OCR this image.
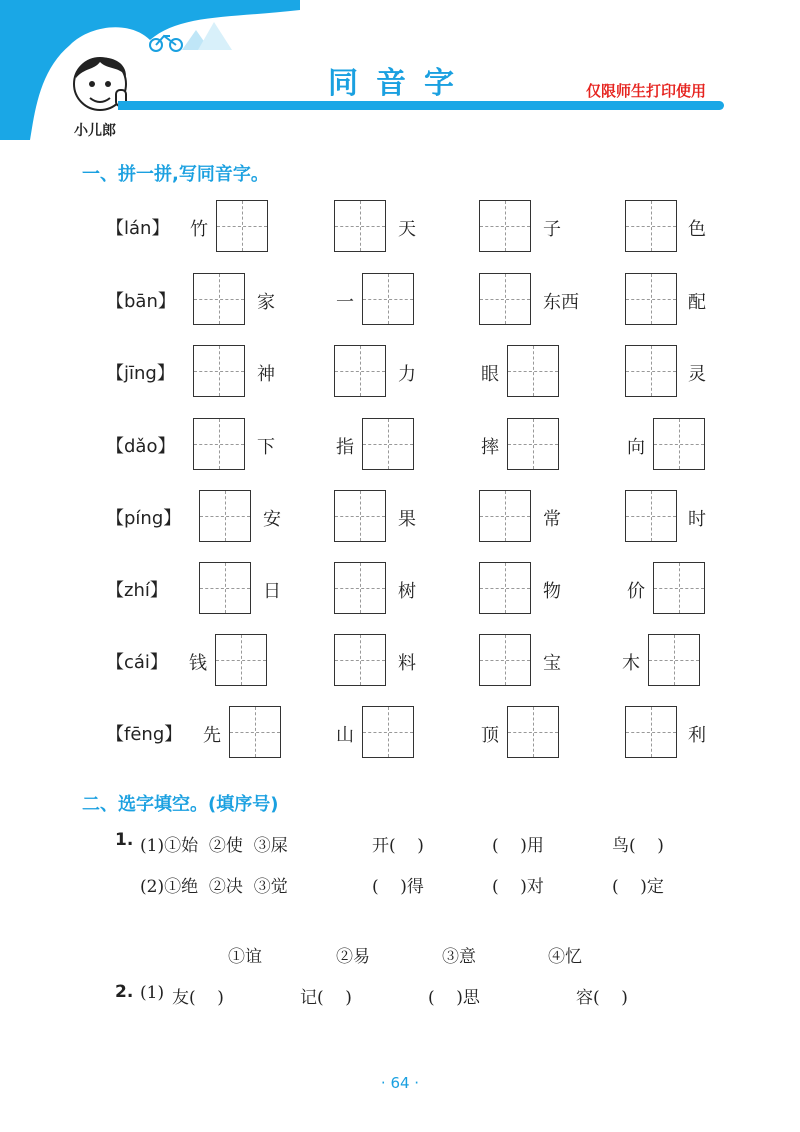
同音字	仅限师生打印使用
小儿郎
一、拼一拼,写同音字。
【lán】 竹	天	子	色
【bān】	家	一	东西	配
【jīng】	神	力	眼	灵
【dǎo】	下	指	摔	向
【píng】	安	果	常	时
【zhí】	日	树	物	价
【cái】 钱	料	宝	木
【fēng】 先	山	顶	利
二、选字填空。(填序号)
1. (1)①始  ②使  ③屎	开(    )	(    )用	鸟(    )
(2)①绝  ②决  ③觉	(    )得	(    )对	(    )定
①谊	②易	③意	④忆
2. (1) 友(    )	记(    )	(    )思	容(    )
· 64 ·
